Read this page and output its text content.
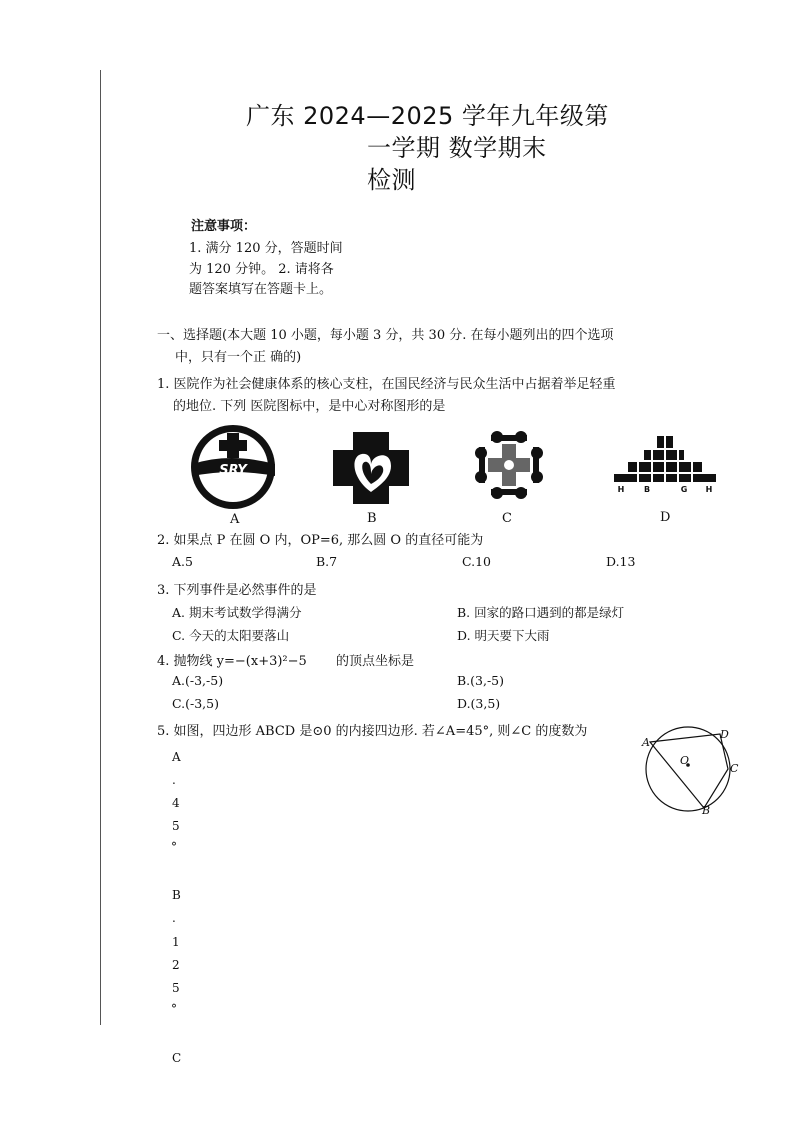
广东 2024—2025 学年九年级第
一学期 数学期末
检测
注意事项：
1. 满分 120 分，答题时间
为 120 分钟。 2. 请将各
题答案填写在答题卡上。
一、选择题(本大题 10 小题，每小题 3 分，共 30 分. 在每小题列出的四个选项
中，只有一个正 确的)
1. 医院作为社会健康体系的核心支柱，在国民经济与民众生活中占据着举足轻重
的地位. 下列 医院图标中，是中心对称图形的是
SRY
H B	G H
A	B	C	D
2. 如果点 P 在圆 O 内，OP=6, 那么圆 O 的直径可能为
A.5	B.7	C.10	D.13
3. 下列事件是必然事件的是
A. 期末考试数学得满分	B. 回家的路口遇到的都是绿灯
C. 今天的太阳要落山	D. 明天要下大雨
4. 抛物线 y=−(x+3)²−5 的顶点坐标是
A.(-3,-5)	B.(3,-5)
C.(-3,5)	D.(3,5)
5. 如图，四边形 ABCD 是⊙0 的内接四边形. 若∠A=45°, 则∠C 的度数为
A
D
C
B
O
A
.
4
5
°
B
.
1
2
5
°
C
